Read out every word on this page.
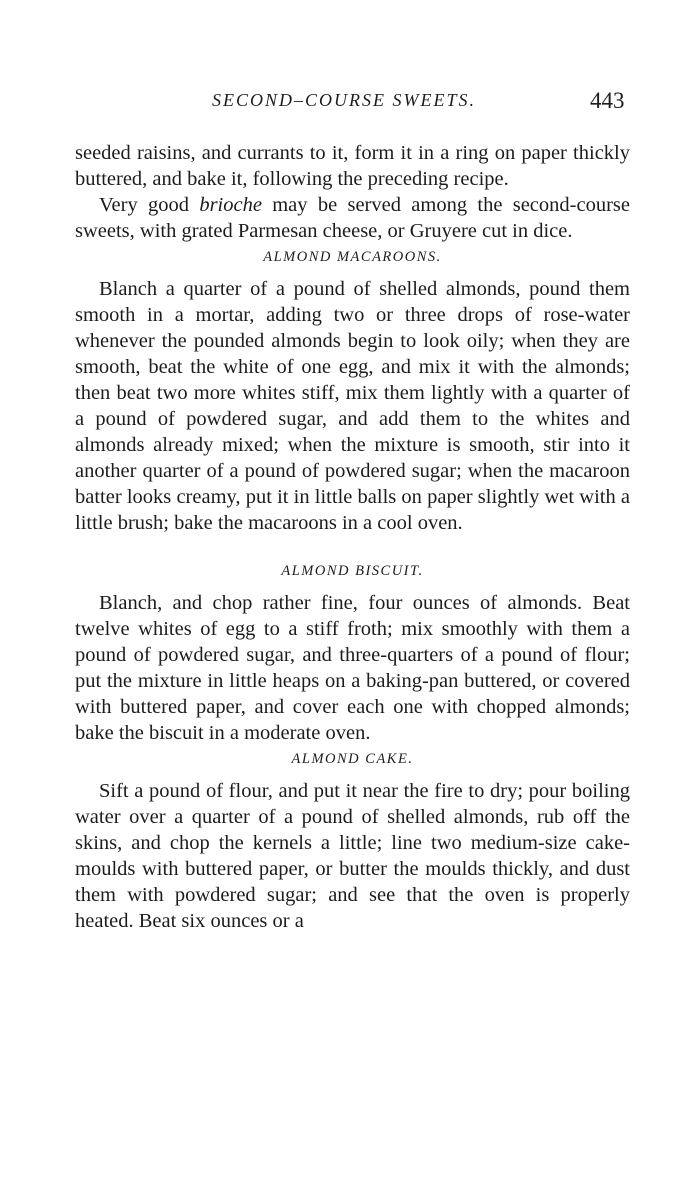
SECOND–COURSE SWEETS.	443

seeded raisins, and currants to it, form it in a ring on paper thickly buttered, and bake it, following the preceding recipe.

Very good brioche may be served among the second-course sweets, with grated Parmesan cheese, or Gruyere cut in dice.

ALMOND MACAROONS.

Blanch a quarter of a pound of shelled almonds, pound them smooth in a mortar, adding two or three drops of rose-water whenever the pounded almonds begin to look oily; when they are smooth, beat the white of one egg, and mix it with the almonds; then beat two more whites stiff, mix them lightly with a quarter of a pound of powdered sugar, and add them to the whites and almonds already mixed; when the mixture is smooth, stir into it another quarter of a pound of powdered sugar; when the macaroon batter looks creamy, put it in little balls on paper slightly wet with a little brush; bake the macaroons in a cool oven.

ALMOND BISCUIT.

Blanch, and chop rather fine, four ounces of almonds. Beat twelve whites of egg to a stiff froth; mix smoothly with them a pound of powdered sugar, and three-quarters of a pound of flour; put the mixture in little heaps on a baking-pan buttered, or covered with buttered paper, and cover each one with chopped almonds; bake the biscuit in a moderate oven.

ALMOND CAKE.

Sift a pound of flour, and put it near the fire to dry; pour boiling water over a quarter of a pound of shelled almonds, rub off the skins, and chop the kernels a little; line two medium-size cake-moulds with buttered paper, or butter the moulds thickly, and dust them with powdered sugar; and see that the oven is properly heated. Beat six ounces or a
